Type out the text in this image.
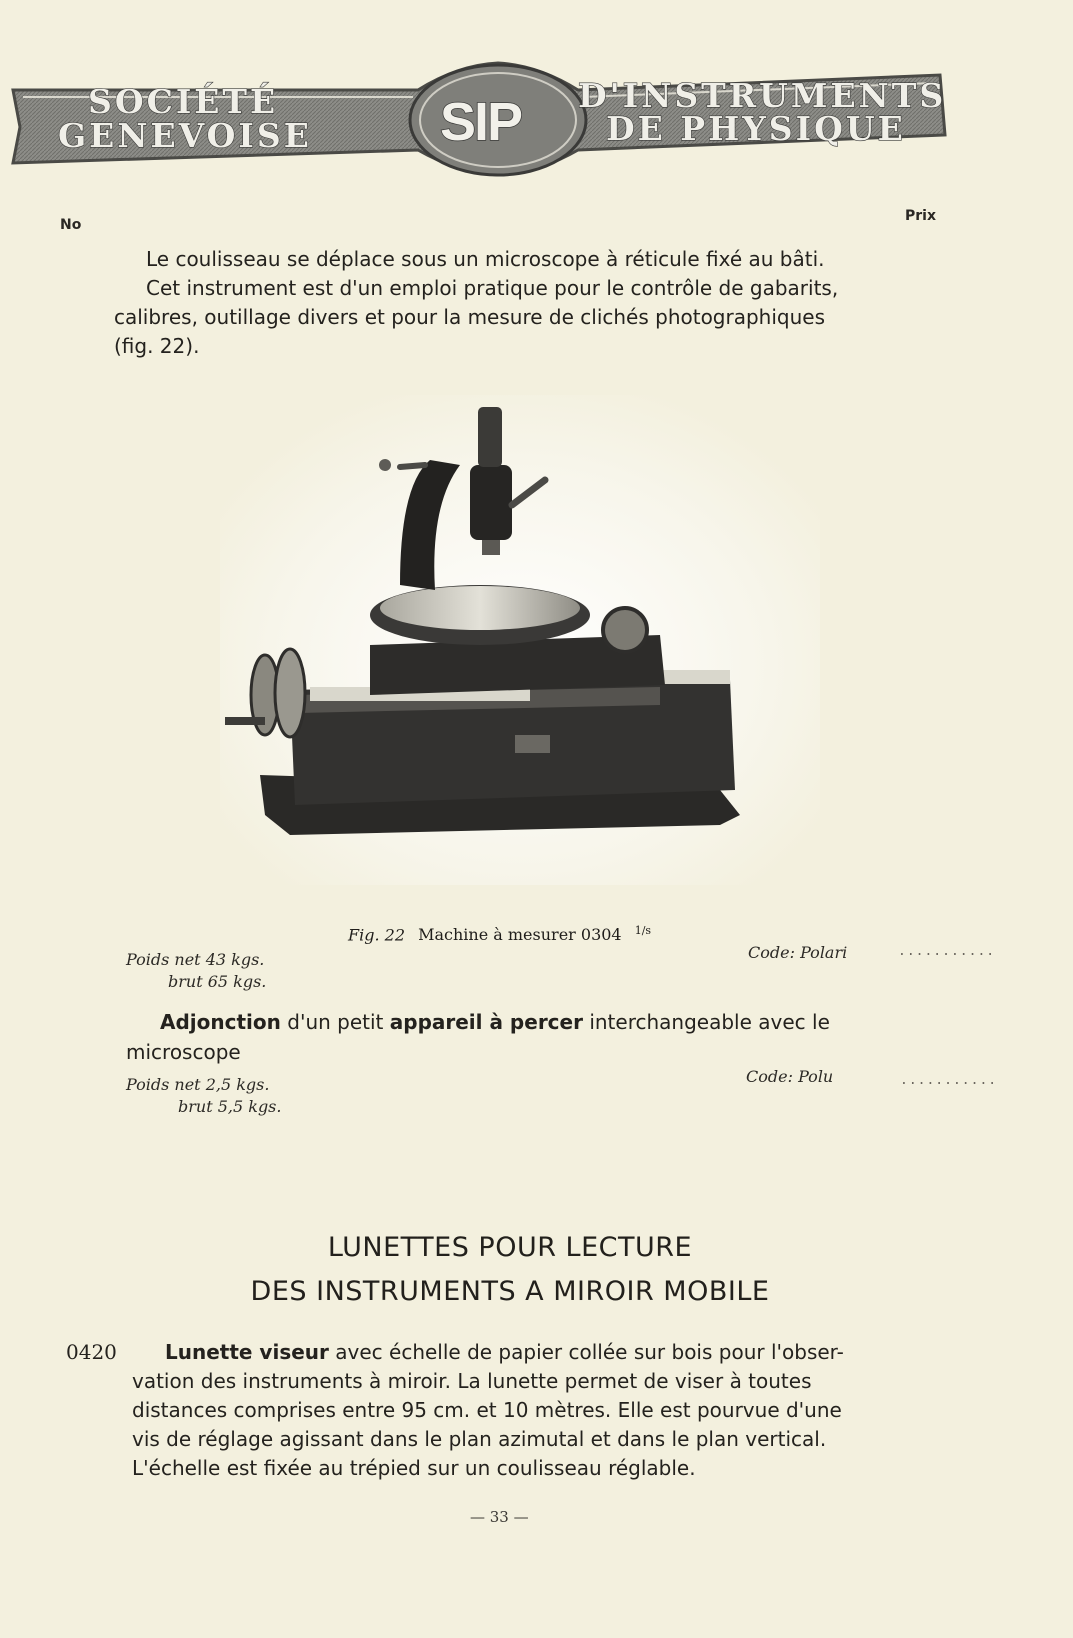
SOCIÉTÉ
GENEVOISE SIP D'INSTRUMENTS
DE PHYSIQUE
No
Prix
Le coulisseau se déplace sous un microscope à réticule fixé au bâti.
Cet instrument est d'un emploi pratique pour le contrôle de gabarits,
calibres, outillage divers et pour la mesure de clichés photographiques
(fig. 22).
Fig. 22 Machine à mesurer 0304 $^{1/s}$
Poids net 43 kgs.
brut 65 kgs.
Code: Polari	...........
Adjonction d'un petit appareil à percer interchangeable avec le
microscope
Poids net 2,5 kgs.
brut 5,5 kgs.
Code: Polu	...........
LUNETTES POUR LECTURE
DES INSTRUMENTS A MIROIR MOBILE
0420 Lunette viseur avec échelle de papier collée sur bois pour l'obser-
vation des instruments à miroir. La lunette permet de viser à toutes
distances comprises entre 95 cm. et 10 mètres. Elle est pourvue d'une
vis de réglage agissant dans le plan azimutal et dans le plan vertical.
L'échelle est fixée au trépied sur un coulisseau réglable.
— 33 —
